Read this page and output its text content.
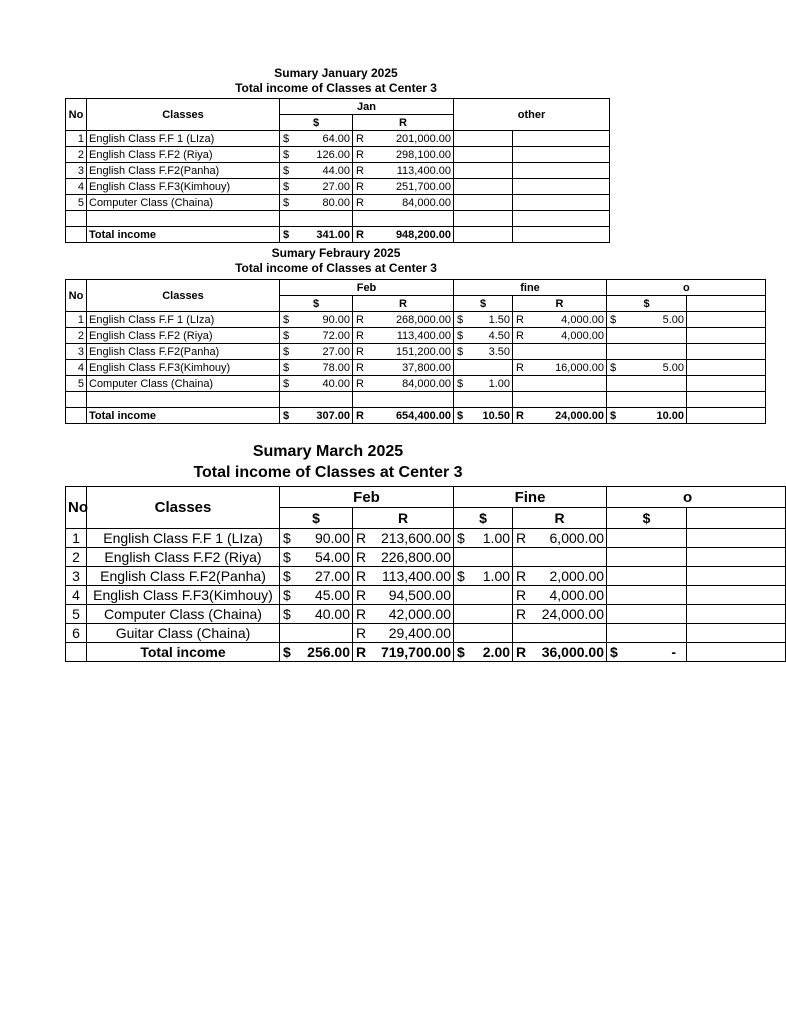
Sumary January 2025
Total income of Classes at Center 3
No	Classes	Jan		other	
		$	R		
1	English Class F.F 1 (LIza)	$ 64.00	R 201,000.00		

2	English Class F.F2 (Riya)	$ 126.00	R 298,100.00		

3	English Class F.F2(Panha)	$ 44.00	R 113,400.00		

4	English Class F.F3(Kimhouy)	$ 27.00	R 251,700.00		

5	Computer Class (Chaina)	$ 80.00	R 84,000.00		

	Total income	$ 341.00	R 948,200.00		

Sumary Febraury 2025
Total income of Classes at Center 3
No	Classes	Feb		fine		o	
		$	R	$	R	$	
1	English Class F.F 1 (LIza)	$ 90.00	R 268,000.00	$ 1.50	R 4,000.00	$ 5.00	

2	English Class F.F2 (Riya)	$ 72.00	R 113,400.00	$ 4.50	R 4,000.00		

3	English Class F.F2(Panha)	$ 27.00	R 151,200.00	$ 3.50			

4	English Class F.F3(Kimhouy)	$ 78.00	R 37,800.00		R 16,000.00	$ 5.00	

5	Computer Class (Chaina)	$ 40.00	R 84,000.00	$ 1.00			

	Total income	$ 307.00	R 654,400.00	$ 10.50	R 24,000.00	$ 10.00	

Sumary March 2025
Total income of Classes at Center 3
No	Classes	Feb		Fine		o	
		$	R	$	R	$	
1	English Class F.F 1 (LIza)	$ 90.00	R 213,600.00	$ 1.00	R 6,000.00		

2	English Class F.F2 (Riya)	$ 54.00	R 226,800.00				

3	English Class F.F2(Panha)	$ 27.00	R 113,400.00	$ 1.00	R 2,000.00		

4	English Class F.F3(Kimhouy)	$ 45.00	R 94,500.00		R 4,000.00		

5	Computer Class (Chaina)	$ 40.00	R 42,000.00		R 24,000.00		

6	Guitar Class (Chaina)		R 29,400.00				

	Total income	$ 256.00	R 719,700.00	$ 2.00	R 36,000.00	$ -	
